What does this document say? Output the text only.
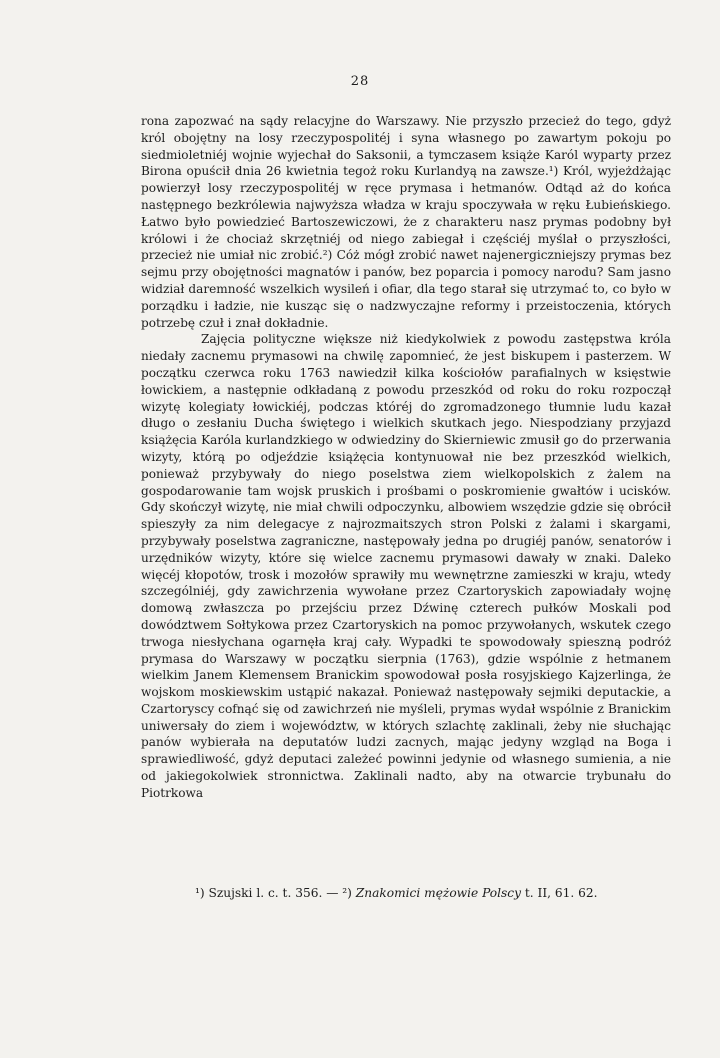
28

rona zapozwać na sądy relacyjne do Warszawy. Nie przyszło przecież do tego, gdyż król obojętny na losy rzeczypospolitéj i syna własnego po zawartym pokoju po siedmioletniéj wojnie wyjechał do Saksonii, a tymczasem książe Karól wyparty przez Birona opuścił dnia 26 kwietnia tegoż roku Kurlandyą na zawsze.¹) Król, wyjeżdżając powierzył losy rzeczypospolitéj w ręce prymasa i hetmanów. Odtąd aż do końca następnego bezkrólewia najwyższa władza w kraju spoczywała w ręku Łubieńskiego. Łatwo było powiedzieć Bartoszewiczowi, że z charakteru nasz prymas podobny był królowi i że chociaż skrzętniéj od niego zabiegał i częściéj myślał o przyszłości, przecież nie umiał nic zrobić.²) Cóż mógł zrobić nawet najenergiczniejszy prymas bez sejmu przy obojętności magnatów i panów, bez poparcia i pomocy narodu? Sam jasno widział daremność wszelkich wysileń i ofiar, dla tego starał się utrzymać to, co było w porządku i ładzie, nie kusząc się o nadzwyczajne reformy i przeistoczenia, których potrzebę czuł i znał dokładnie.

Zajęcia polityczne większe niż kiedykolwiek z powodu zastępstwa króla niedały zacnemu prymasowi na chwilę zapomnieć, że jest biskupem i pasterzem. W początku czerwca roku 1763 nawiedził kilka kościołów parafialnych w księstwie łowickiem, a następnie odkładaną z powodu przeszkód od roku do roku rozpoczął wizytę kolegiaty łowickiéj, podczas któréj do zgromadzonego tłumnie ludu kazał długo o zesłaniu Ducha świętego i wielkich skutkach jego. Niespodziany przyjazd książęcia Karóla kurlandzkiego w odwiedziny do Skierniewic zmusił go do przerwania wizyty, którą po odjeździe książęcia kontynuował nie bez przeszkód wielkich, ponieważ przybywały do niego poselstwa ziem wielkopolskich z żalem na gospodarowanie tam wojsk pruskich i prośbami o poskromienie gwałtów i ucisków. Gdy skończył wizytę, nie miał chwili odpoczynku, albowiem wszędzie gdzie się obrócił spieszyły za nim delegacye z najrozmaitszych stron Polski z żalami i skargami, przybywały poselstwa zagraniczne, następowały jedna po drugiéj panów, senatorów i urzędników wizyty, które się wielce zacnemu prymasowi dawały w znaki. Daleko więcéj kłopotów, trosk i mozołów sprawiły mu wewnętrzne zamieszki w kraju, wtedy szczególniéj, gdy zawichrzenia wywołane przez Czartoryskich zapowiadały wojnę domową zwłaszcza po przejściu przez Dźwinę czterech pułków Moskali pod dowództwem Sołtykowa przez Czartoryskich na pomoc przywołanych, wskutek czego trwoga niesłychana ogarnęła kraj cały. Wypadki te spowodowały spieszną podróż prymasa do Warszawy w początku sierpnia (1763), gdzie wspólnie z hetmanem wielkim Janem Klemensem Branickim spowodował posła rosyjskiego Kajzerlinga, że wojskom moskiewskim ustąpić nakazał. Ponieważ następowały sejmiki deputackie, a Czartoryscy cofnąć się od zawichrzeń nie myśleli, prymas wydał wspólnie z Branickim uniwersały do ziem i województw, w których szlachtę zaklinali, żeby nie słuchając panów wybierała na deputatów ludzi zacnych, mając jedyny wzgląd na Boga i sprawiedliwość, gdyż deputaci zależeć powinni jedynie od własnego sumienia, a nie od jakiegokolwiek stronnictwa. Zaklinali nadto, aby na otwarcie trybunału do Piotrkowa

¹) Szujski l. c. t. 356. — ²) Znakomici mężowie Polscy t. II, 61. 62.
